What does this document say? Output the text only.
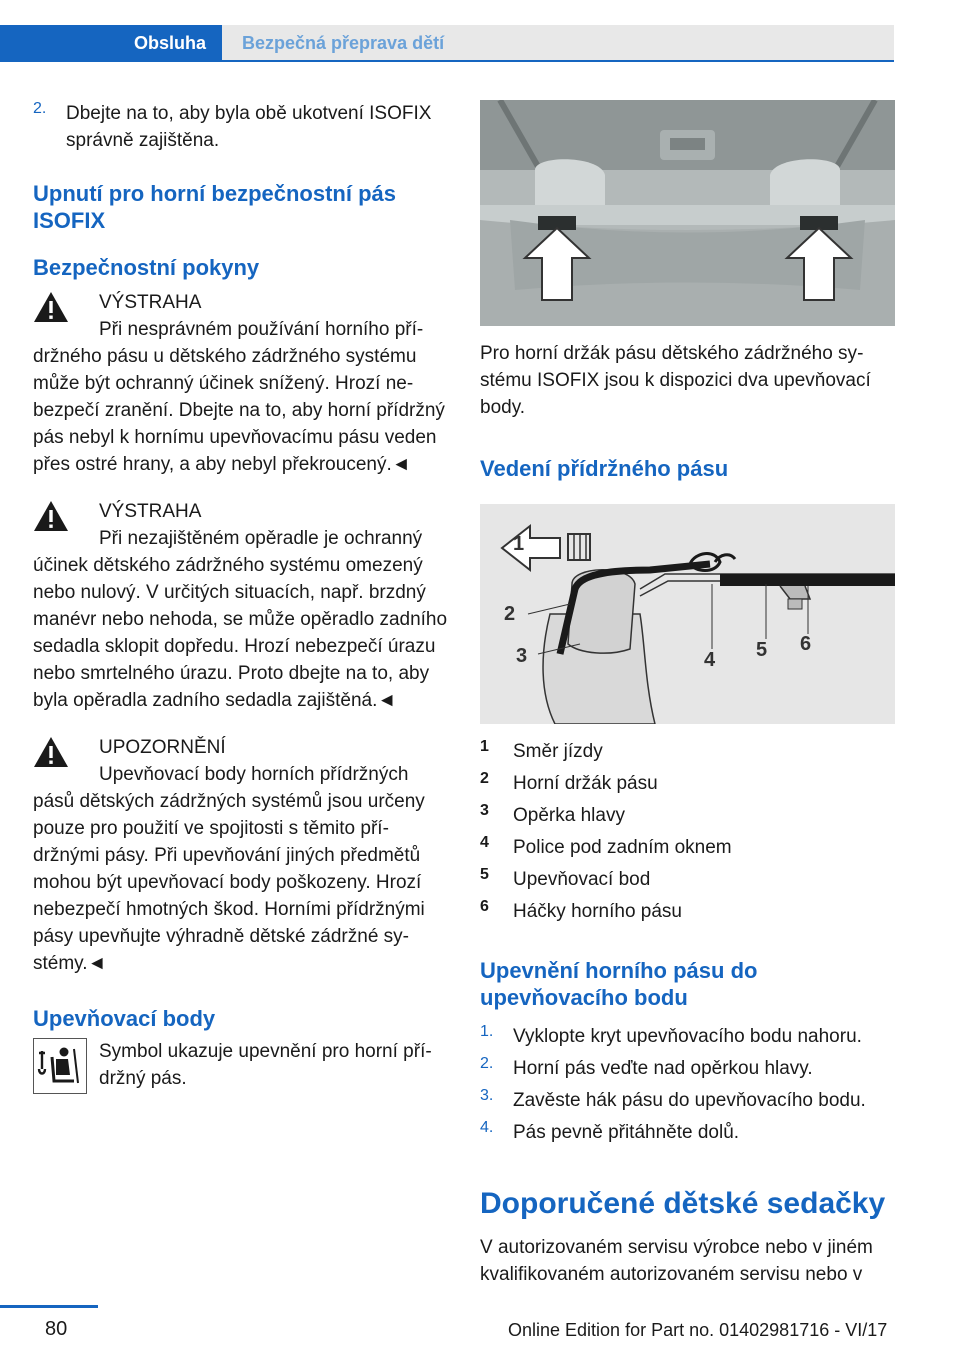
Obsluha	Bezpečná přeprava dětí
2.	Dbejte na to, aby byla obě ukotvení ISOFIX správně zajištěna.
Upnutí pro horní bezpečnostní pás ISOFIX
Bezpečnostní pokyny
VÝSTRAHA

Při nesprávném používání horního přídržného pásu u dětského zádržného systému může být ochranný účinek snížený. Hrozí nebezpečí zranění. Dbejte na to, aby horní přídržný pás nebyl k hornímu upevňovacímu pásu veden přes ostré hrany, a aby nebyl překroucený.◄

VÝSTRAHA

Při nezajištěném opěradle je ochranný účinek dětského zádržného systému omezený nebo nulový. V určitých situacích, např. brzdný manévr nebo nehoda, se může opěradlo zadního sedadla sklopit dopředu. Hrozí nebezpečí úrazu nebo smrtelného úrazu. Proto dbejte na to, aby byla opěradla zadního sedadla zajištěná.◄

UPOZORNĚNÍ

Upevňovací body horních přídržných pásů dětských zádržných systémů jsou určeny pouze pro použití ve spojitosti s těmito přídržnými pásy. Při upevňování jiných předmětů mohou být upevňovací body poškozeny. Hrozí nebezpečí hmotných škod. Horními přídržnými pásy upevňujte výhradně dětské zádržné systémy.◄

Upevňovací body

Symbol ukazuje upevnění pro horní přídržný pás.

Pro horní držák pásu dětského zádržného systému ISOFIX jsou k dispozici dva upevňovací body.

Vedení přídržného pásu
1
2
3	4 5 6
1	Směr jízdy
2	Horní držák pásu
3	Opěrka hlavy
4	Police pod zadním oknem
5	Upevňovací bod
6	Háčky horního pásu
Upevnění horního pásu do upevňovacího bodu
1.	Vyklopte kryt upevňovacího bodu nahoru.
2.	Horní pás veďte nad opěrkou hlavy.
3.	Zavěste hák pásu do upevňovacího bodu.
4.	Pás pevně přitáhněte dolů.
Doporučené dětské sedačky

V autorizovaném servisu výrobce nebo v jiném kvalifikovaném autorizovaném servisu nebo v

80	Online Edition for Part no. 01402981716 - VI/17
